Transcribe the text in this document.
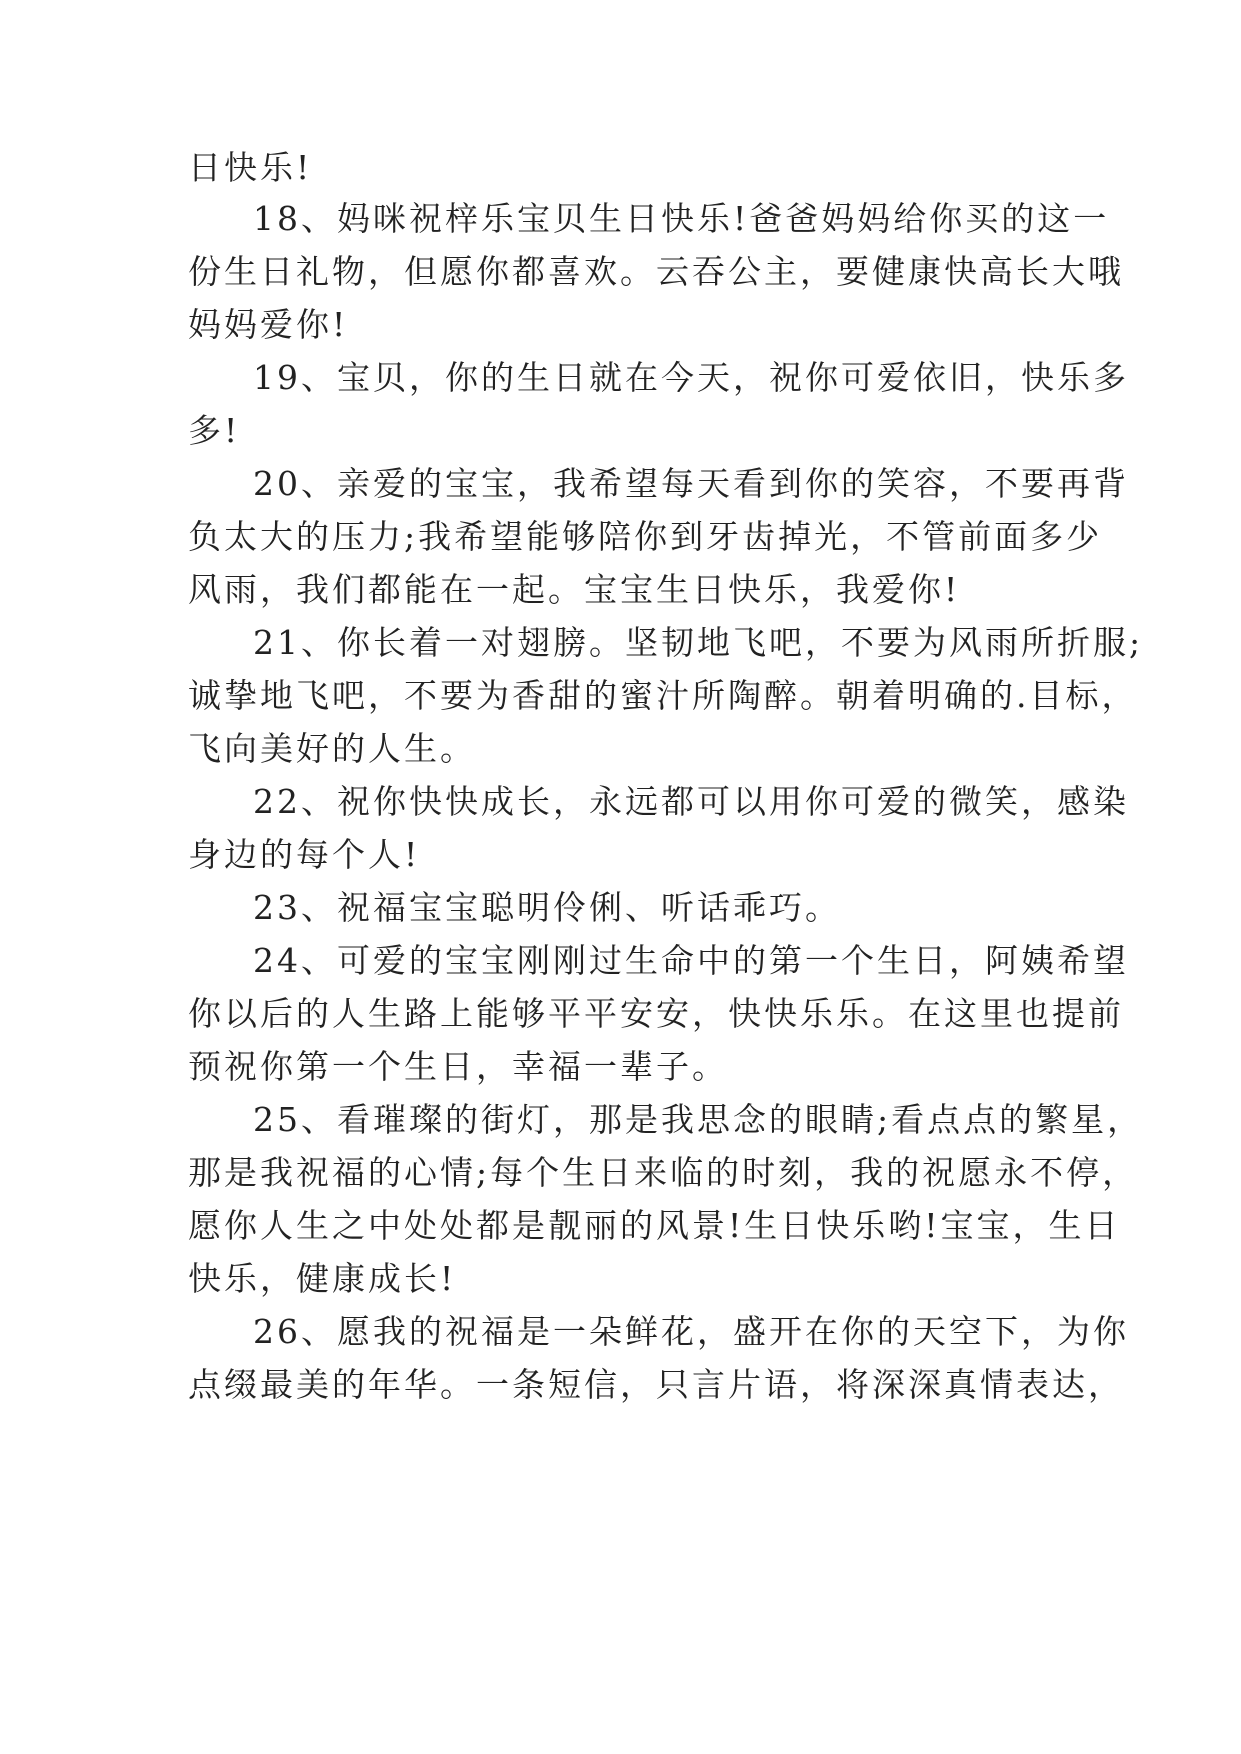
日快乐!
18、妈咪祝梓乐宝贝生日快乐!爸爸妈妈给你买的这一
份生日礼物，但愿你都喜欢。云吞公主，要健康快高长大哦
妈妈爱你!
19、宝贝，你的生日就在今天，祝你可爱依旧，快乐多
多!
20、亲爱的宝宝，我希望每天看到你的笑容，不要再背
负太大的压力;我希望能够陪你到牙齿掉光，不管前面多少
风雨，我们都能在一起。宝宝生日快乐，我爱你!
21、你长着一对翅膀。坚韧地飞吧，不要为风雨所折服;
诚挚地飞吧，不要为香甜的蜜汁所陶醉。朝着明确的.目标，
飞向美好的人生。
22、祝你快快成长，永远都可以用你可爱的微笑，感染
身边的每个人!
23、祝福宝宝聪明伶俐、听话乖巧。
24、可爱的宝宝刚刚过生命中的第一个生日，阿姨希望
你以后的人生路上能够平平安安，快快乐乐。在这里也提前
预祝你第一个生日，幸福一辈子。
25、看璀璨的街灯，那是我思念的眼睛;看点点的繁星，
那是我祝福的心情;每个生日来临的时刻，我的祝愿永不停，
愿你人生之中处处都是靓丽的风景!生日快乐哟!宝宝，生日
快乐，健康成长!
26、愿我的祝福是一朵鲜花，盛开在你的天空下，为你
点缀最美的年华。一条短信，只言片语，将深深真情表达，
